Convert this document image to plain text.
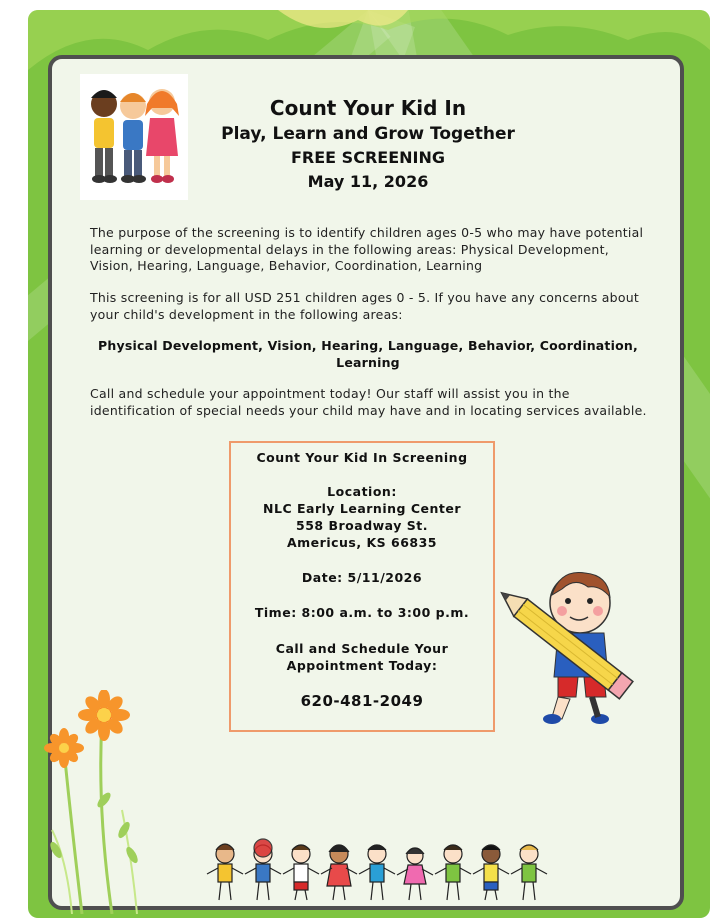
Count Your Kid In
Play, Learn and Grow Together
FREE SCREENING
May 11, 2026
The purpose of the screening is to identify children ages 0-5 who may have potential learning or developmental delays in the following areas: Physical Development, Vision, Hearing, Language, Behavior, Coordination, Learning
This screening is for all USD 251 children ages 0 - 5. If you have any concerns about your child's development in the following areas:
Physical Development, Vision, Hearing, Language, Behavior, Coordination, Learning
Call and schedule your appointment today! Our staff will assist you in the identification of special needs your child may have and in locating services available.
Count Your Kid In Screening
Location:
NLC Early Learning Center
558 Broadway St.
Americus, KS 66835
Date: 5/11/2026
Time: 8:00 a.m. to 3:00 p.m.
Call and Schedule Your
Appointment Today:
620-481-2049
